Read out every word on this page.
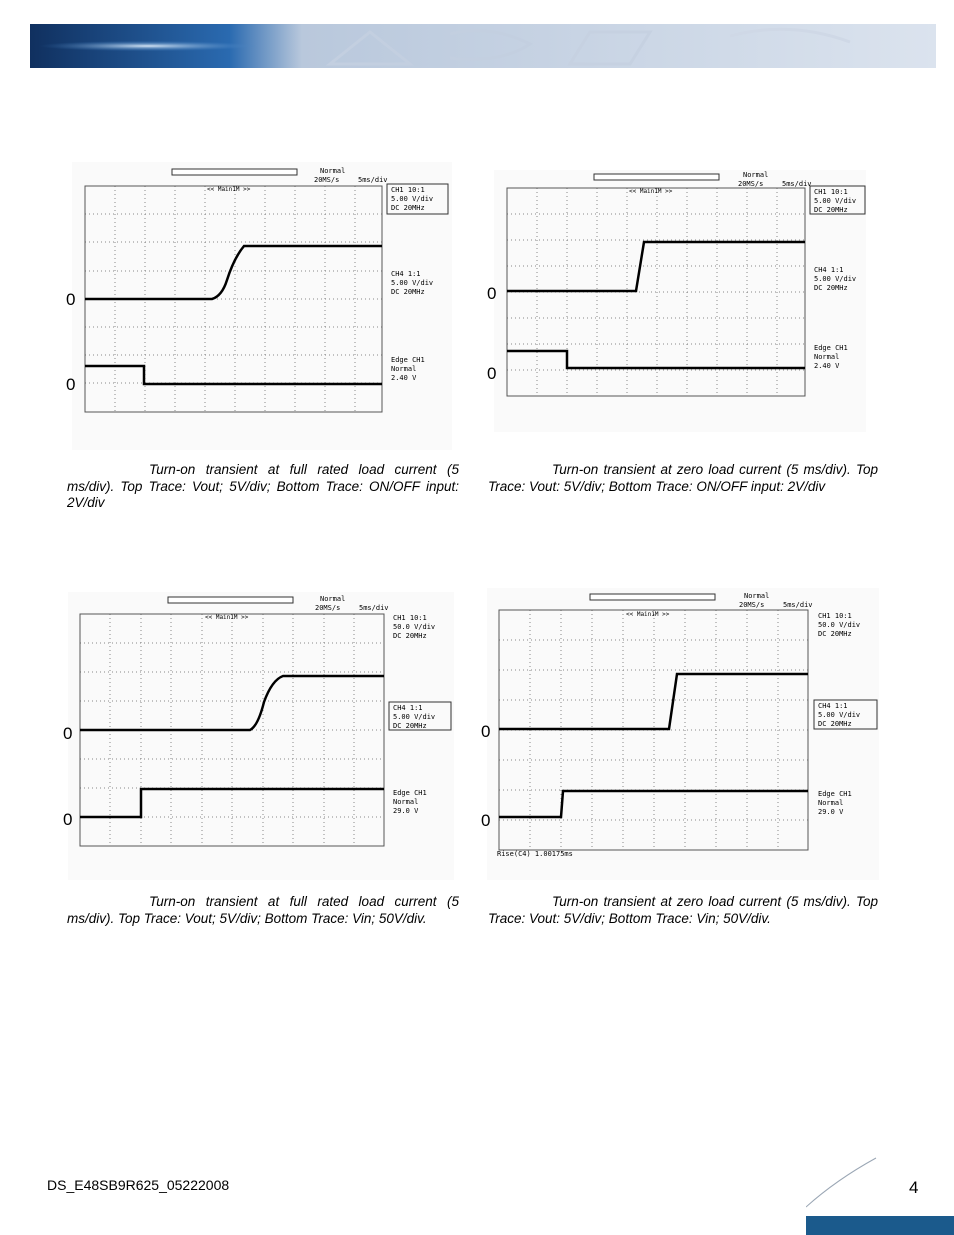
Normal
20MS/s	5ms/div
<< Main1M >>	CH1 10:1
5.00 V/div
DC 20MHz
CH4 1:1
5.00 V/div
DC 20MHz
Edge CH1
Normal
2.40 V
0
0
Normal
20MS/s	5ms/div
<< Main1M >>	CH1 10:1
5.00 V/div
DC 20MHz
CH4 1:1
5.00 V/div
DC 20MHz
Edge CH1
Normal
2.40 V
0
0
Normal
20MS/s	5ms/div
<< Main1M >>	CH1 10:1
50.0 V/div
DC 20MHz
CH4 1:1
5.00 V/div
DC 20MHz
Edge CH1
Normal
29.0 V
0
0
Normal
20MS/s	5ms/div
<< Main1M >>	CH1 10:1
50.0 V/div
DC 20MHz
CH4 1:1
5.00 V/div
DC 20MHz
Edge CH1
Normal
29.0 V
Rise(C4) 1.00175ms
0
0
Turn-on transient at full rated load current (5 ms/div). Top Trace: Vout; 5V/div; Bottom Trace: ON/OFF input: 2V/div
Turn-on transient at zero load current (5 ms/div). Top Trace: Vout: 5V/div; Bottom Trace: ON/OFF input: 2V/div
Turn-on transient at full rated load current (5 ms/div). Top Trace: Vout; 5V/div; Bottom Trace: Vin; 50V/div.
Turn-on transient at zero load current (5 ms/div). Top Trace: Vout: 5V/div; Bottom Trace: Vin; 50V/div.
DS_E48SB9R625_05222008	4
